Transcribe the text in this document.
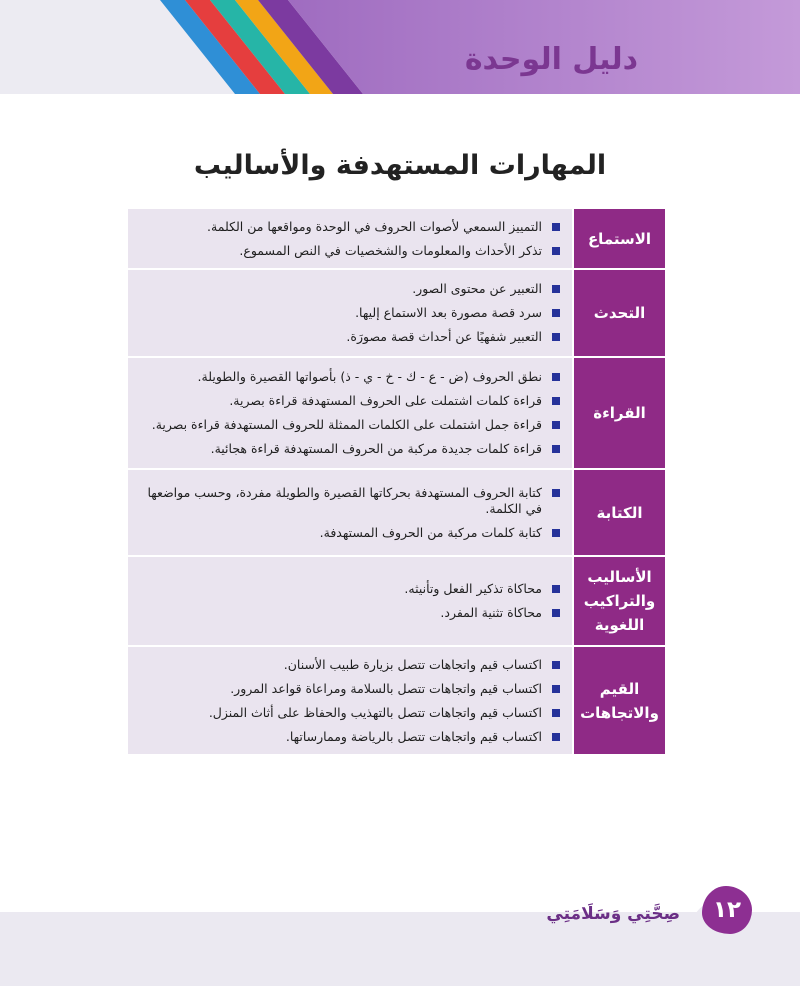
دليل الوحدة
المهارات المستهدفة والأساليب
الاستماع
التمييز السمعي لأصوات الحروف في الوحدة ومواقعها من الكلمة.
تذكر الأحداث والمعلومات والشخصيات في النص المسموع.
التحدث
التعبير عن محتوى الصور.
سرد قصة مصورة بعد الاستماع إليها.
التعبير شفهيًا عن أحداث قصة مصورَة.
القراءة
نطق الحروف (ض - ع - ك - خ - ي - ذ) بأصواتها القصيرة والطويلة.
قراءة كلمات اشتملت على الحروف المستهدفة قراءة بصرية.
قراءة جمل اشتملت على الكلمات الممثلة للحروف المستهدفة قراءة بصرية.
قراءة كلمات جديدة مركبة من الحروف المستهدفة قراءة هجائية.
الكتابة
كتابة الحروف المستهدفة بحركاتها القصيرة والطويلة مفردة، وحسب مواضعها في الكلمة.
كتابة كلمات مركبة من الحروف المستهدفة.
الأساليب والتراكيب اللغوية
محاكاة تذكير الفعل وتأنيثه.
محاكاة تثنية المفرد.
القيم والاتجاهات
اكتساب قيم واتجاهات تتصل بزيارة طبيب الأسنان.
اكتساب قيم واتجاهات تتصل بالسلامة ومراعاة قواعد المرور.
اكتساب قيم واتجاهات تتصل بالتهذيب والحفاظ على أثاث المنزل.
اكتساب قيم واتجاهات تتصل بالرياضة وممارساتها.
١٢
صِحَّتِي وَسَلَامَتِي
